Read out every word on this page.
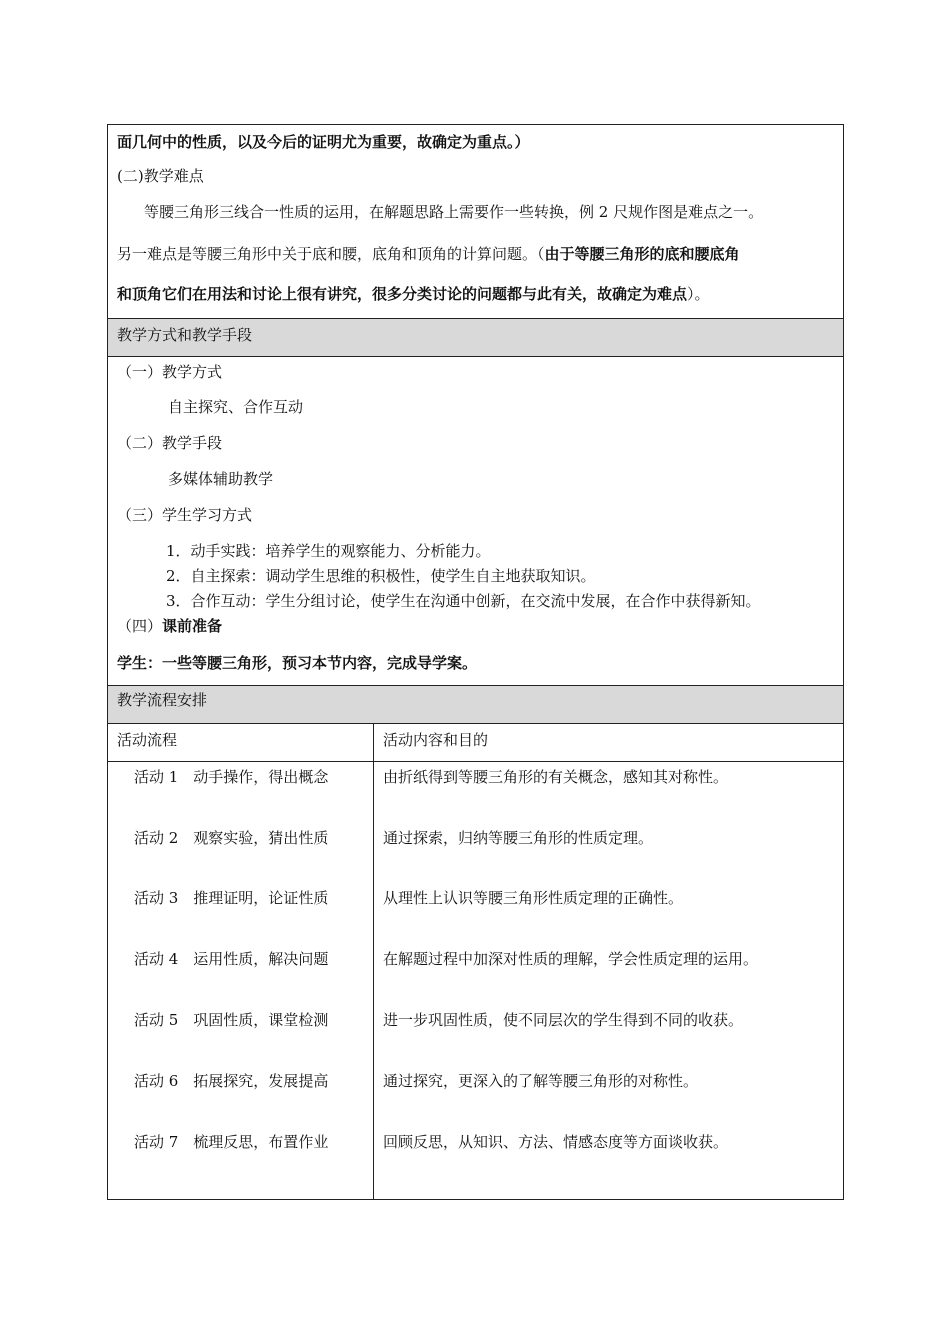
面几何中的性质，以及今后的证明尤为重要，故确定为重点。）
(二)教学难点
等腰三角形三线合一性质的运用，在解题思路上需要作一些转换，例 2 尺规作图是难点之一。
另一难点是等腰三角形中关于底和腰，底角和顶角的计算问题。（由于等腰三角形的底和腰底角
和顶角它们在用法和讨论上很有讲究，很多分类讨论的问题都与此有关，故确定为难点）。
教学方式和教学手段
（一）教学方式
自主探究、合作互动
（二）教学手段
多媒体辅助教学
（三）学生学习方式
1．动手实践：培养学生的观察能力、分析能力。
2．自主探索：调动学生思维的积极性，使学生自主地获取知识。
3．合作互动：学生分组讨论，使学生在沟通中创新，在交流中发展，在合作中获得新知。
（四）课前准备
学生：一些等腰三角形，预习本节内容，完成导学案。
教学流程安排
活动流程	活动内容和目的
活动 1　动手操作，得出概念	由折纸得到等腰三角形的有关概念，感知其对称性。
活动 2　观察实验，猜出性质	通过探索，归纳等腰三角形的性质定理。
活动 3　推理证明，论证性质	从理性上认识等腰三角形性质定理的正确性。
活动 4　运用性质，解决问题	在解题过程中加深对性质的理解，学会性质定理的运用。
活动 5　巩固性质，课堂检测	进一步巩固性质，使不同层次的学生得到不同的收获。
活动 6　拓展探究，发展提高	通过探究，更深入的了解等腰三角形的对称性。
活动 7　梳理反思，布置作业	回顾反思，从知识、方法、情感态度等方面谈收获。
